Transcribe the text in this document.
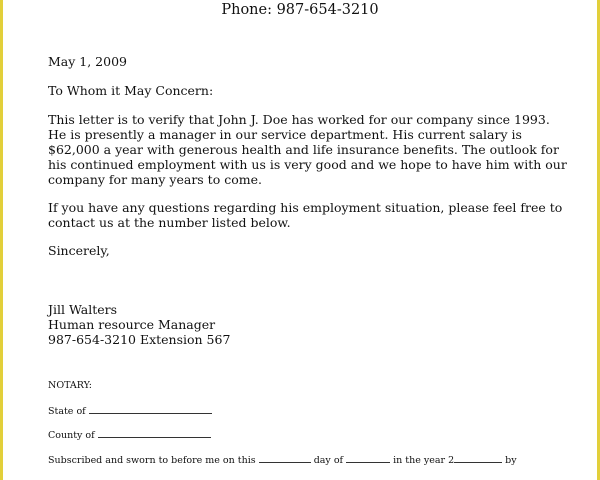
Phone: 987-654-3210

May 1, 2009

To Whom it May Concern:

This letter is to verify that John J. Doe has worked for our company since 1993.
He is presently a manager in our service department. His current salary is
$62,000 a year with generous health and life insurance benefits. The outlook for
his continued employment with us is very good and we hope to have him with our
company for many years to come.

If you have any questions regarding his employment situation, please feel free to
contact us at the number listed below.

Sincerely,

Jill Walters
Human resource Manager
987-654-3210 Extension 567

NOTARY:
State of
County of
Subscribed and sworn to before me on this	day of	in the year 2	by
